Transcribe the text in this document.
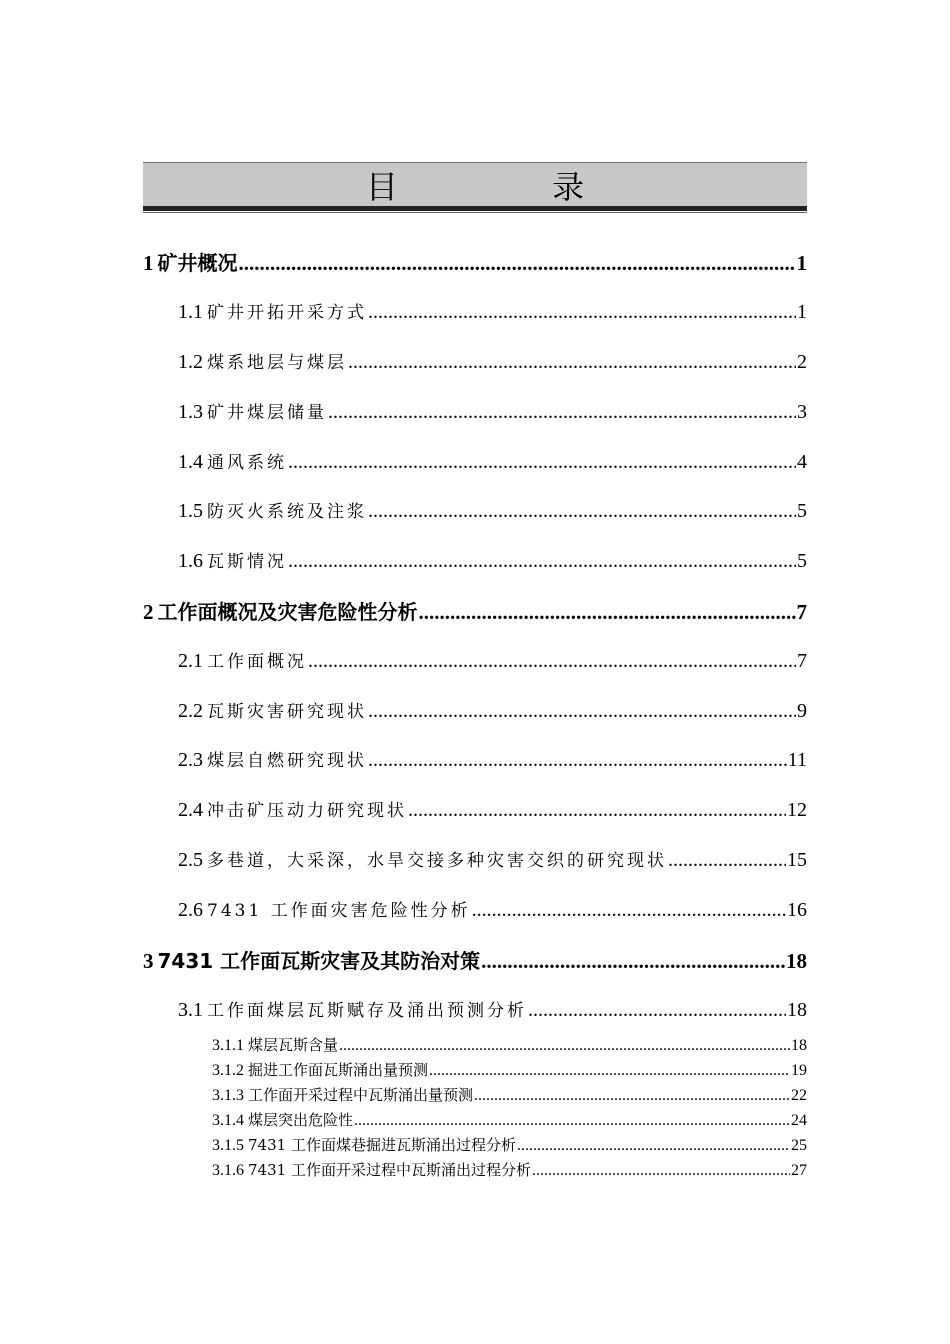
目 录
1 矿井概况 .....	1
1.1 矿井开拓开采方式 .....	1
1.2 煤系地层与煤层 .....	2
1.3 矿井煤层储量 .....	3
1.4 通风系统 .....	4
1.5 防灭火系统及注浆 .....	5
1.6 瓦斯情况 .....	5
2 工作面概况及灾害危险性分析 .....	7
2.1 工作面概况 .....	7
2.2 瓦斯灾害研究现状 .....	9
2.3 煤层自燃研究现状 .....	11
2.4 冲击矿压动力研究现状 .....	12
2.5 多巷道，大采深，水旱交接多种灾害交织的研究现状 .....	15
2.6 7431 工作面灾害危险性分析 .....	16
3 7431 工作面瓦斯灾害及其防治对策 .....	18
3.1 工作面煤层瓦斯赋存及涌出预测分析 .....	18
3.1.1 煤层瓦斯含量 .....	18
3.1.2 掘进工作面瓦斯涌出量预测 .....	19
3.1.3 工作面开采过程中瓦斯涌出量预测 .....	22
3.1.4 煤层突出危险性 .....	24
3.1.5 7431 工作面煤巷掘进瓦斯涌出过程分析 .....	25
3.1.6 7431 工作面开采过程中瓦斯涌出过程分析 .....	27
